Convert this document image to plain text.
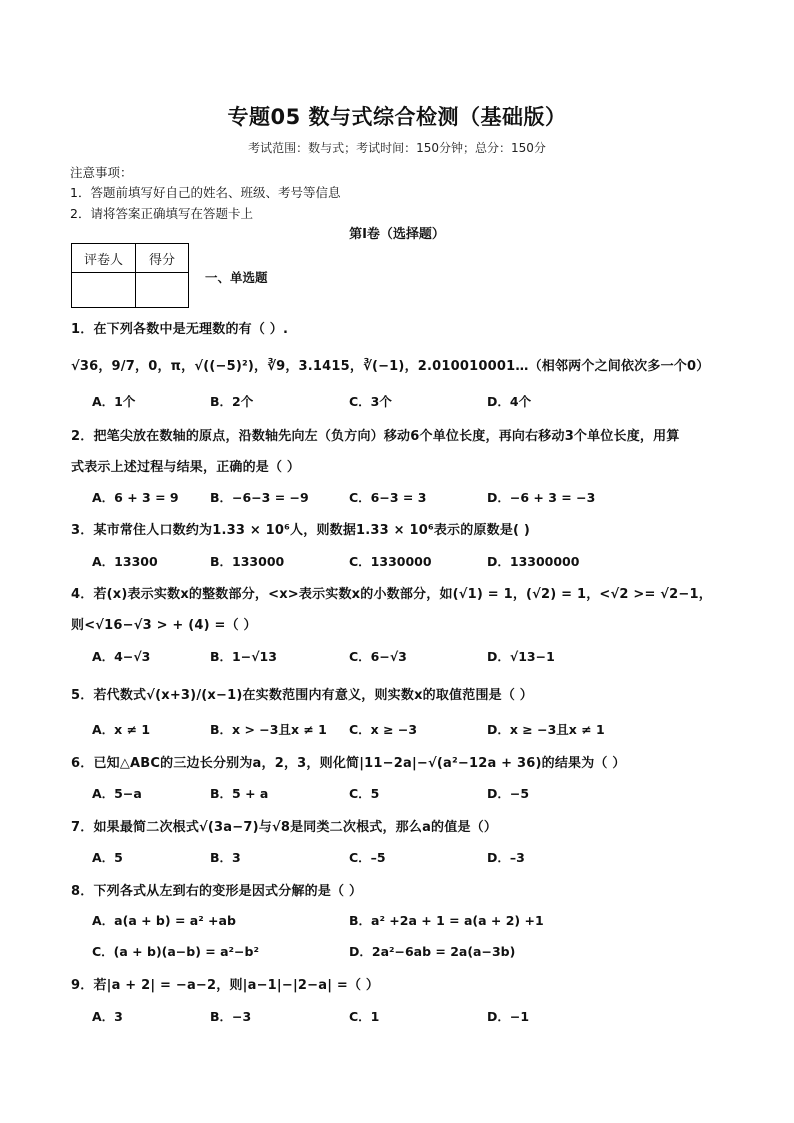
专题05 数与式综合检测（基础版）
考试范围：数与式；考试时间：150分钟；总分：150分
注意事项：
1．答题前填写好自己的姓名、班级、考号等信息
2．请将答案正确填写在答题卡上
第I卷（选择题）
评卷人	得分

一、单选题
1．在下列各数中是无理数的有（ ）.
√36，9/7，0，π，√((−5)²)，∛9，3.1415，∛(−1)，2.010010001…（相邻两个之间依次多一个0）
A．1个	B．2个	C．3个	D．4个
2．把笔尖放在数轴的原点，沿数轴先向左（负方向）移动6个单位长度，再向右移动3个单位长度，用算
式表示上述过程与结果，正确的是（ ）
A．6 + 3 = 9	B．−6−3 = −9	C．6−3 = 3	D．−6 + 3 = −3
3．某市常住人口数约为1.33 × 10⁶人，则数据1.33 × 10⁶表示的原数是( )
A．13300	B．133000	C．1330000	D．13300000
4．若(x)表示实数x的整数部分，<x>表示实数x的小数部分，如(√1) = 1，(√2) = 1，<√2 >= √2−1，
则<√16−√3 > + (4) =（ ）
A．4−√3	B．1−√13	C．6−√3	D．√13−1
5．若代数式√(x+3)/(x−1)在实数范围内有意义，则实数x的取值范围是（ ）
A．x ≠ 1	B．x > −3且x ≠ 1 C．x ≥ −3	D．x ≥ −3且x ≠ 1
6．已知△ABC的三边长分别为a，2，3，则化简|11−2a|−√(a²−12a + 36)的结果为（ ）
A．5−a	B．5 + a	C．5	D．−5
7．如果最简二次根式√(3a−7)与√8是同类二次根式，那么a的值是（）
A．5	B．3	C．–5	D．–3
8．下列各式从左到右的变形是因式分解的是（ ）
A．a(a + b) = a² +ab	B．a² +2a + 1 = a(a + 2) +1
C．(a + b)(a−b) = a²−b²	D．2a²−6ab = 2a(a−3b)
9．若|a + 2| = −a−2，则|a−1|−|2−a| =（ ）
A．3	B．−3	C．1	D．−1
